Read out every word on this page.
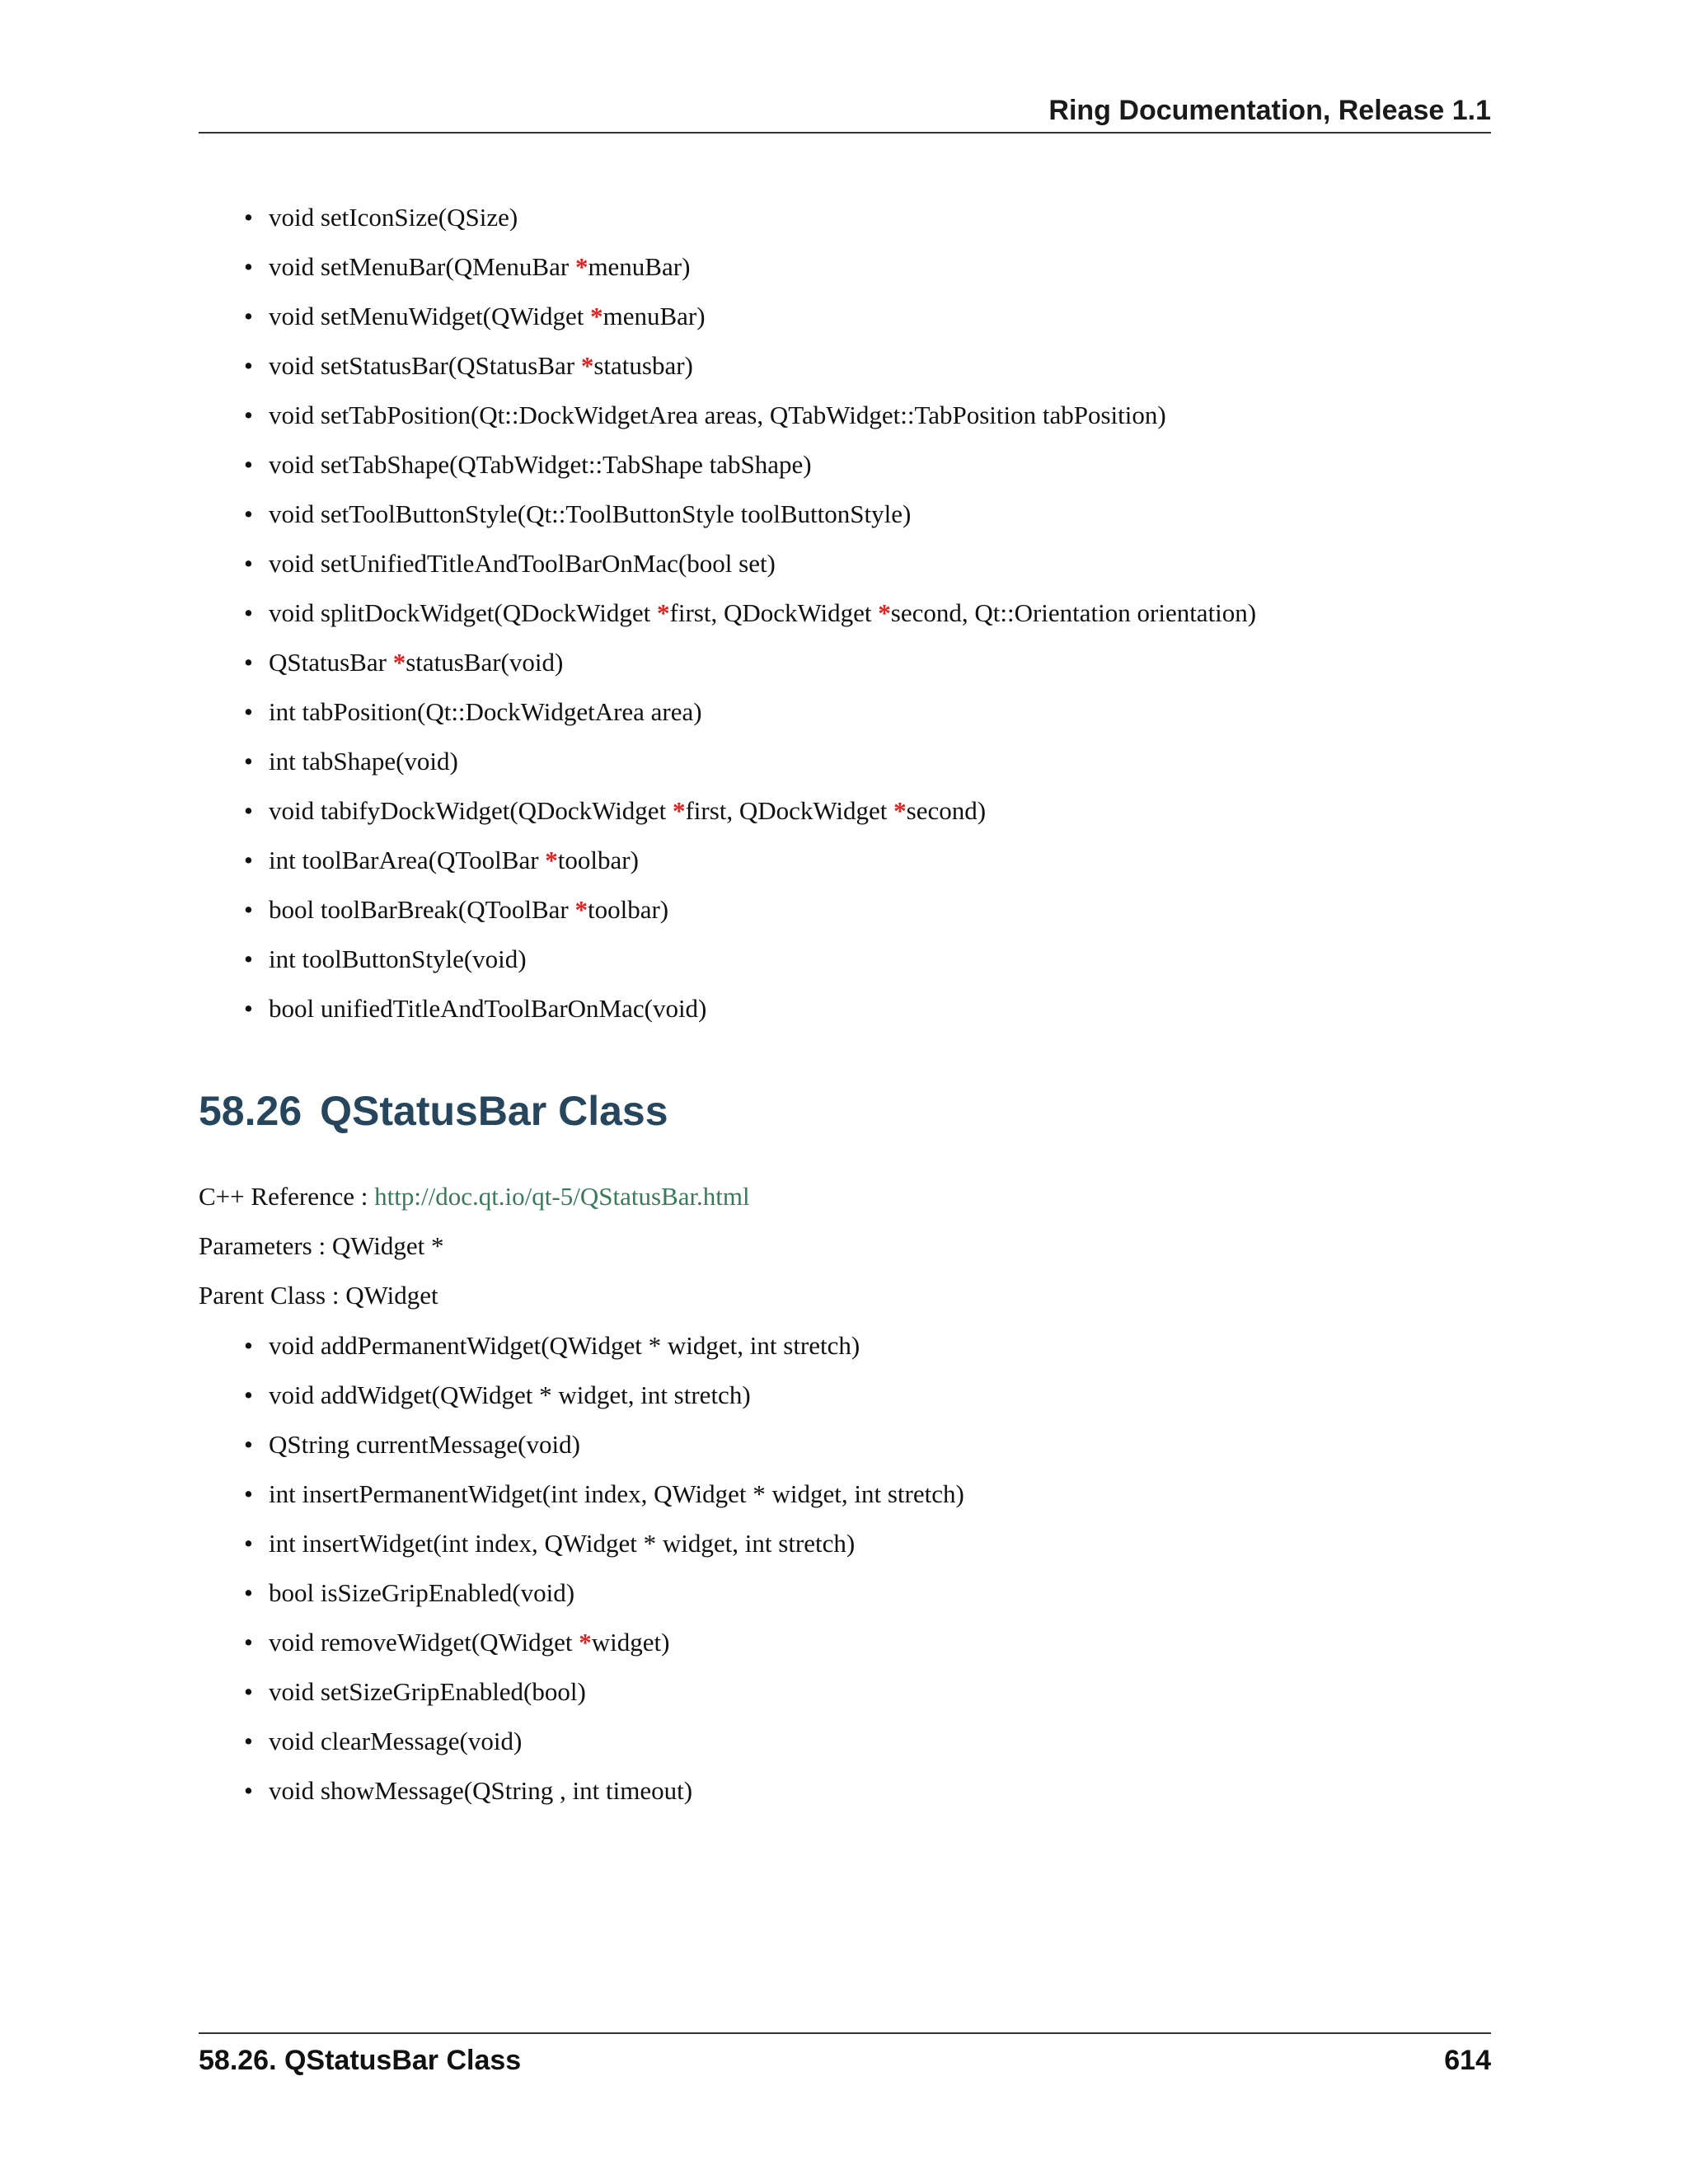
Ring Documentation, Release 1.1
• void setIconSize(QSize)
• void setMenuBar(QMenuBar *menuBar)
• void setMenuWidget(QWidget *menuBar)
• void setStatusBar(QStatusBar *statusbar)
• void setTabPosition(Qt::DockWidgetArea areas, QTabWidget::TabPosition tabPosition)
• void setTabShape(QTabWidget::TabShape tabShape)
• void setToolButtonStyle(Qt::ToolButtonStyle toolButtonStyle)
• void setUnifiedTitleAndToolBarOnMac(bool set)
• void splitDockWidget(QDockWidget *first, QDockWidget *second, Qt::Orientation orientation)
• QStatusBar *statusBar(void)
• int tabPosition(Qt::DockWidgetArea area)
• int tabShape(void)
• void tabifyDockWidget(QDockWidget *first, QDockWidget *second)
• int toolBarArea(QToolBar *toolbar)
• bool toolBarBreak(QToolBar *toolbar)
• int toolButtonStyle(void)
• bool unifiedTitleAndToolBarOnMac(void)
58.26 QStatusBar Class
C++ Reference : http://doc.qt.io/qt-5/QStatusBar.html
Parameters : QWidget *
Parent Class : QWidget
• void addPermanentWidget(QWidget * widget, int stretch)
• void addWidget(QWidget * widget, int stretch)
• QString currentMessage(void)
• int insertPermanentWidget(int index, QWidget * widget, int stretch)
• int insertWidget(int index, QWidget * widget, int stretch)
• bool isSizeGripEnabled(void)
• void removeWidget(QWidget *widget)
• void setSizeGripEnabled(bool)
• void clearMessage(void)
• void showMessage(QString , int timeout)
58.26. QStatusBar Class	614
